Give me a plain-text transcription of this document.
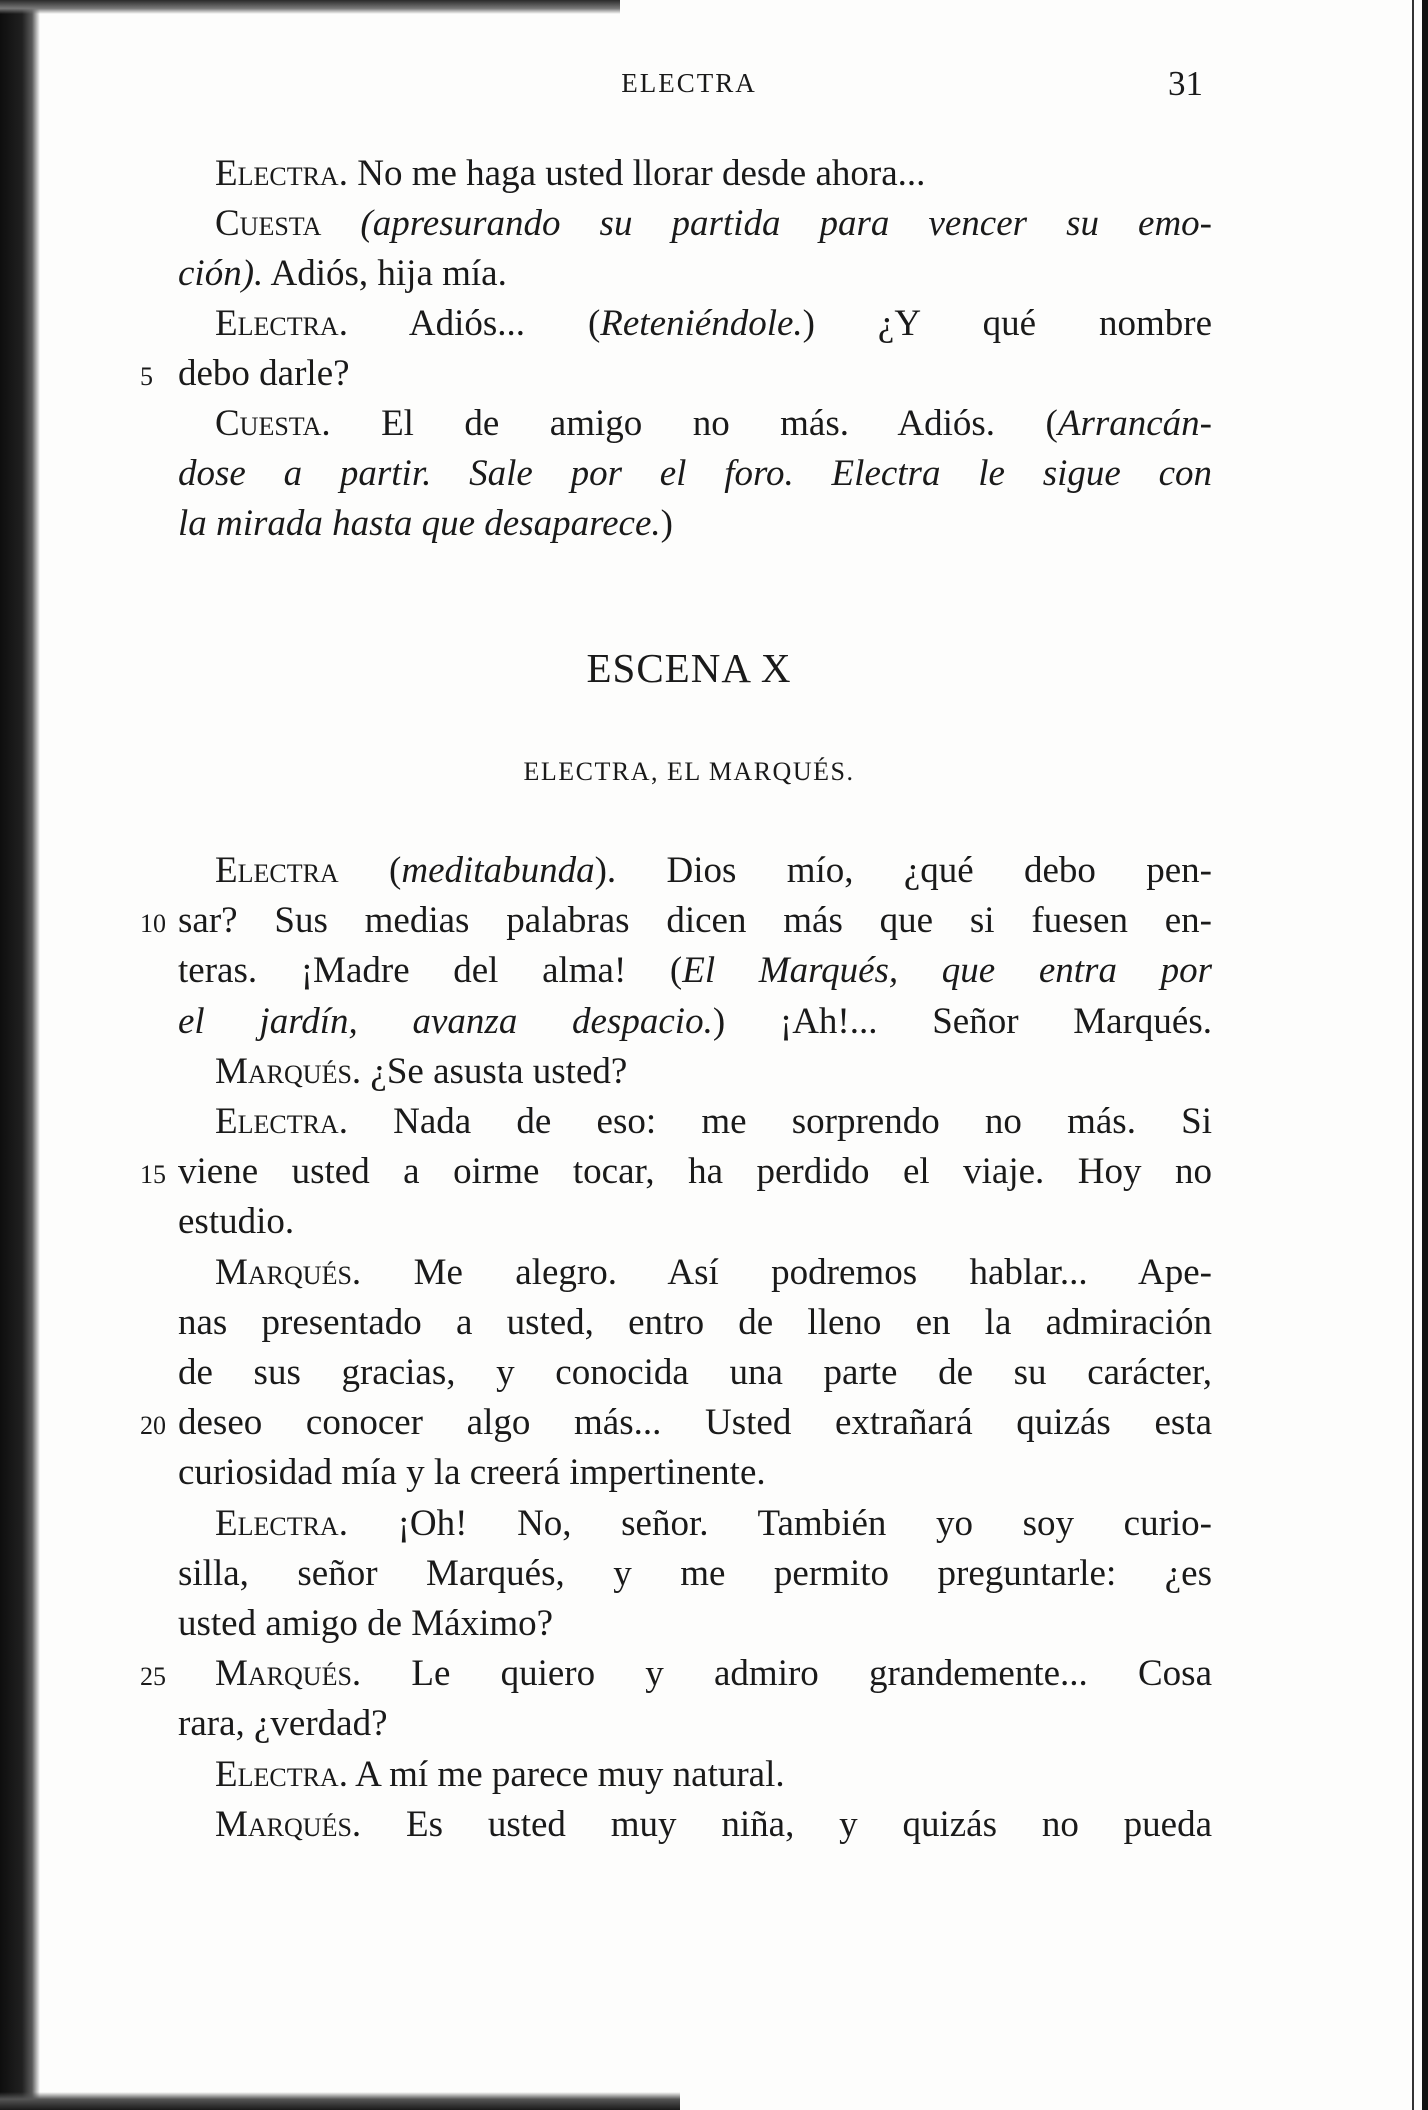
ELECTRA	31
Electra. No me haga usted llorar desde ahora...
Cuesta (apresurando su partida para vencer su emo-
ción). Adiós, hija mía.
Electra. Adiós... (Reteniéndole.) ¿Y qué nombre
debo darle?
5
Cuesta. El de amigo no más. Adiós. (Arrancán-
dose a partir. Sale por el foro. Electra le sigue con
la mirada hasta que desaparece.)
ESCENA X
ELECTRA, EL MARQUÉS.
Electra (meditabunda). Dios mío, ¿qué debo pen-
sar? Sus medias palabras dicen más que si fuesen en-
10
teras. ¡Madre del alma! (El Marqués, que entra por
el jardín, avanza despacio.) ¡Ah!... Señor Marqués.
Marqués. ¿Se asusta usted?
Electra. Nada de eso: me sorprendo no más. Si
viene usted a oirme tocar, ha perdido el viaje. Hoy no
15
estudio.
Marqués. Me alegro. Así podremos hablar... Ape-
nas presentado a usted, entro de lleno en la admiración
de sus gracias, y conocida una parte de su carácter,
deseo conocer algo más... Usted extrañará quizás esta
20
curiosidad mía y la creerá impertinente.
Electra. ¡Oh! No, señor. También yo soy curio-
silla, señor Marqués, y me permito preguntarle: ¿es
usted amigo de Máximo?
Marqués. Le quiero y admiro grandemente... Cosa
25
rara, ¿verdad?
Electra. A mí me parece muy natural.
Marqués. Es usted muy niña, y quizás no pueda
